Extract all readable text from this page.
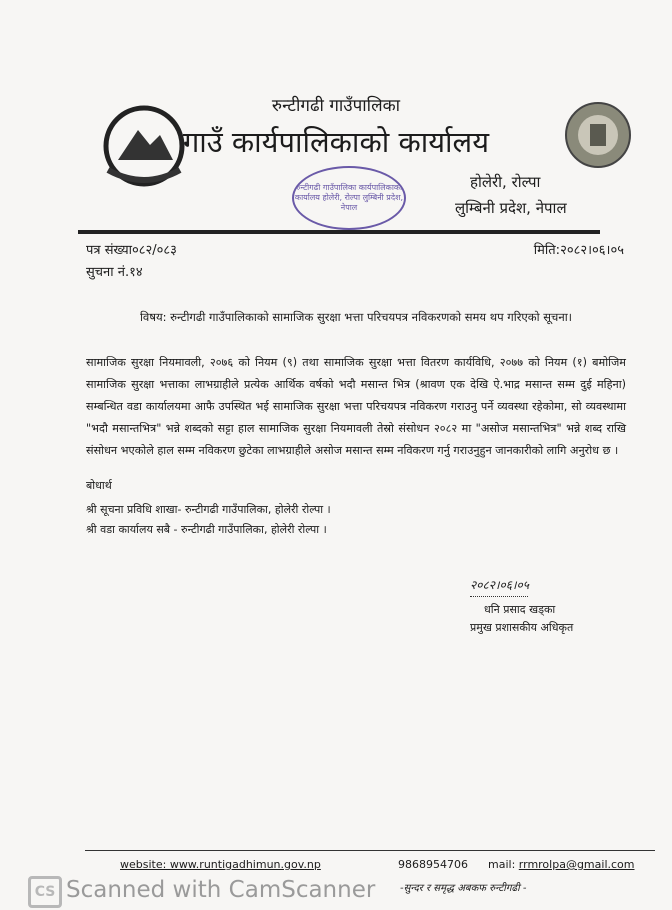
रुन्टीगढी गाउँपालिका
गाउँ कार्यपालिकाको कार्यालय
रुन्टीगढी गाउँपालिका कार्यपालिकाको कार्यालय होलेरी, रोल्पा लुम्बिनी प्रदेश, नेपाल
होलेरी, रोल्पा
लुम्बिनी प्रदेश, नेपाल
पत्र संख्या०८२/०८३
सुचना नं.१४
मिति:२०८२।०६।०५
विषय: रुन्टीगढी गाउँपालिकाको सामाजिक सुरक्षा भत्ता परिचयपत्र नविकरणको समय थप गरिएको सूचना।
सामाजिक सुरक्षा नियमावली, २०७६ को नियम (९) तथा सामाजिक सुरक्षा भत्ता वितरण कार्यविधि, २०७७ को नियम (१) बमोजिम सामाजिक सुरक्षा भत्ताका लाभग्राहीले प्रत्येक आर्थिक वर्षको भदौ मसान्त भित्र (श्रावण एक देखि ऐ.भाद्र मसान्त सम्म दुई महिना) सम्बन्धित वडा कार्यालयमा आफै उपस्थित भई सामाजिक सुरक्षा भत्ता परिचयपत्र नविकरण गराउनु पर्ने व्यवस्था रहेकोमा, सो व्यवस्थामा "भदौ मसान्तभित्र" भन्ने शब्दको सट्टा हाल सामाजिक सुरक्षा नियमावली तेस्रो संसोधन २०८२ मा "असोज मसान्तभित्र" भन्ने शब्द राखि संसोधन भएकोले हाल सम्म नविकरण छुटेका लाभग्राहीले असोज मसान्त सम्म नविकरण गर्नु गराउनुहुन जानकारीको लागि अनुरोध छ ।
बोधार्थ
श्री सूचना प्रविधि शाखा- रुन्टीगढी गाउँपालिका, होलेरी रोल्पा ।
श्री वडा कार्यालय सबै - रुन्टीगढी गाउँपालिका, होलेरी रोल्पा ।
२०८२।०६।०५
धनि प्रसाद खड्का
प्रमुख प्रशासकीय अधिकृत
website: www.runtigadhimun.gov.np	9868954706 mail: rrmrolpa@gmail.com
-सुन्दर र समृद्ध अबकफ रुन्टीगढी -
CS Scanned with CamScanner
